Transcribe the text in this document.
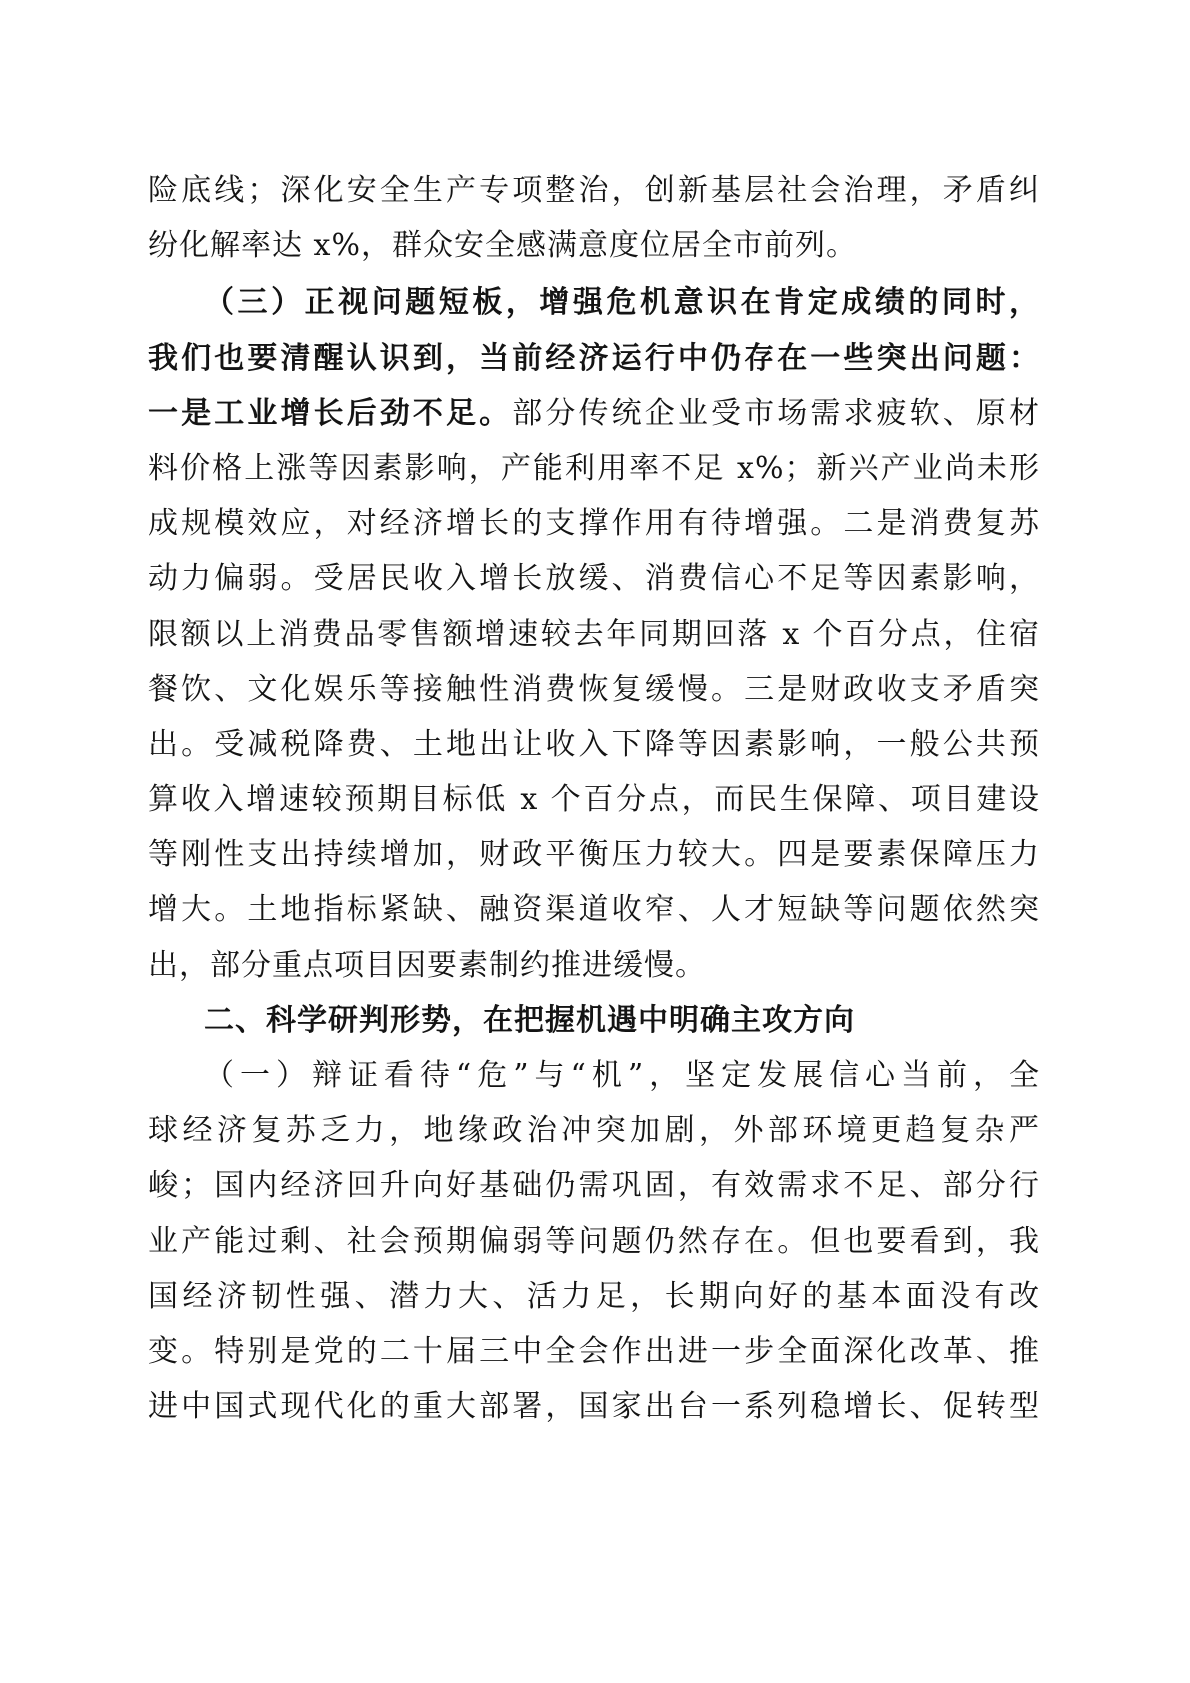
险底线；深化安全生产专项整治，创新基层社会治理，矛盾纠
纷化解率达 x%，群众安全感满意度位居全市前列。
（三）正视问题短板，增强危机意识在肯定成绩的同时，
我们也要清醒认识到，当前经济运行中仍存在一些突出问题：
一是工业增长后劲不足。部分传统企业受市场需求疲软、原材
料价格上涨等因素影响，产能利用率不足 x%；新兴产业尚未形
成规模效应，对经济增长的支撑作用有待增强。二是消费复苏
动力偏弱。受居民收入增长放缓、消费信心不足等因素影响，
限额以上消费品零售额增速较去年同期回落 x 个百分点，住宿
餐饮、文化娱乐等接触性消费恢复缓慢。三是财政收支矛盾突
出。受减税降费、土地出让收入下降等因素影响，一般公共预
算收入增速较预期目标低 x 个百分点，而民生保障、项目建设
等刚性支出持续增加，财政平衡压力较大。四是要素保障压力
增大。土地指标紧缺、融资渠道收窄、人才短缺等问题依然突
出，部分重点项目因要素制约推进缓慢。
二、科学研判形势，在把握机遇中明确主攻方向
（一）辩证看待“危”与“机”，坚定发展信心当前，全
球经济复苏乏力，地缘政治冲突加剧，外部环境更趋复杂严
峻；国内经济回升向好基础仍需巩固，有效需求不足、部分行
业产能过剩、社会预期偏弱等问题仍然存在。但也要看到，我
国经济韧性强、潜力大、活力足，长期向好的基本面没有改
变。特别是党的二十届三中全会作出进一步全面深化改革、推
进中国式现代化的重大部署，国家出台一系列稳增长、促转型
